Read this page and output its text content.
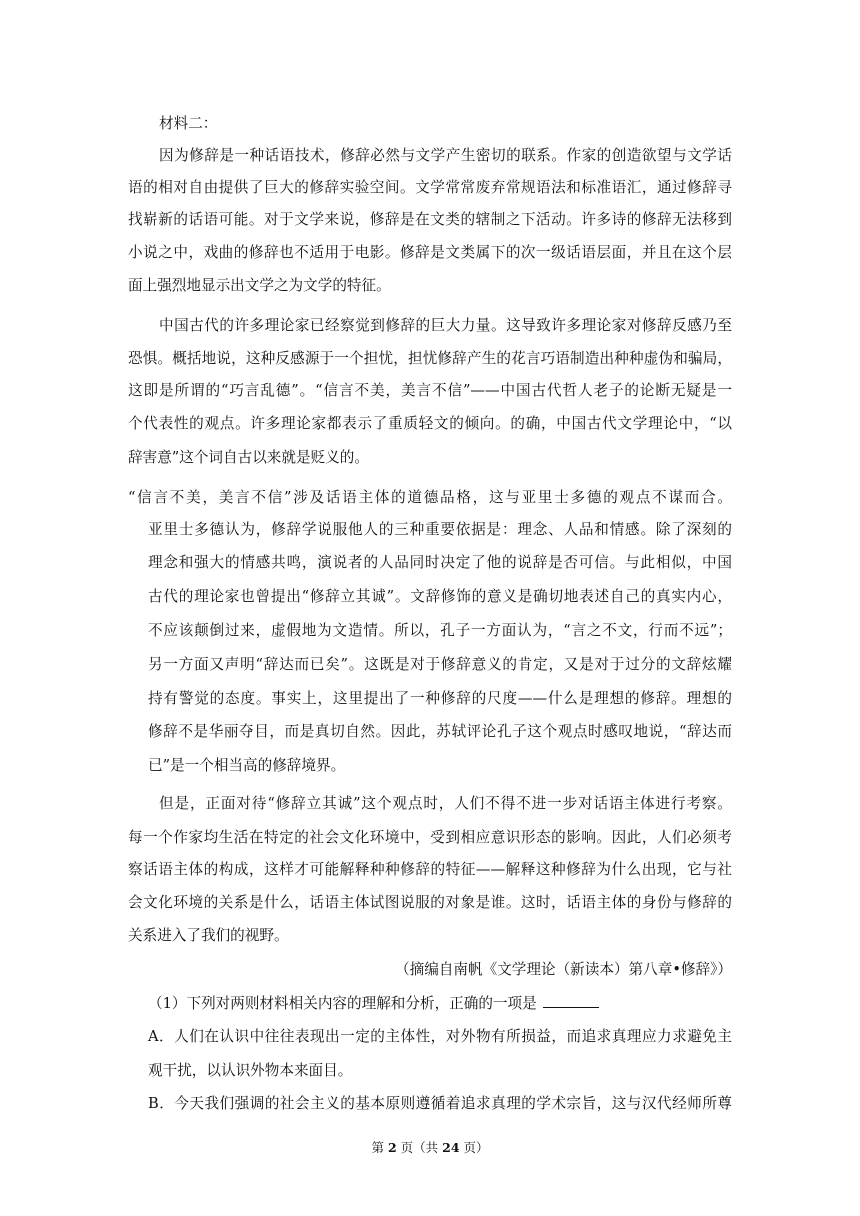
材料二：
因为修辞是一种话语技术，修辞必然与文学产生密切的联系。作家的创造欲望与文学话
语的相对自由提供了巨大的修辞实验空间。文学常常废弃常规语法和标准语汇，通过修辞寻
找崭新的话语可能。对于文学来说，修辞是在文类的辖制之下活动。许多诗的修辞无法移到
小说之中，戏曲的修辞也不适用于电影。修辞是文类属下的次一级话语层面，并且在这个层
面上强烈地显示出文学之为文学的特征。
中国古代的许多理论家已经察觉到修辞的巨大力量。这导致许多理论家对修辞反感乃至
恐惧。概括地说，这种反感源于一个担忧，担忧修辞产生的花言巧语制造出种种虚伪和骗局，
这即是所谓的“巧言乱德”。“信言不美，美言不信”——中国古代哲人老子的论断无疑是一
个代表性的观点。许多理论家都表示了重质轻文的倾向。的确，中国古代文学理论中，“以
辞害意”这个词自古以来就是贬义的。
“信言不美，美言不信”涉及话语主体的道德品格，这与亚里士多德的观点不谋而合。
亚里士多德认为，修辞学说服他人的三种重要依据是：理念、人品和情感。除了深刻的
理念和强大的情感共鸣，演说者的人品同时决定了他的说辞是否可信。与此相似，中国
古代的理论家也曾提出“修辞立其诚”。文辞修饰的意义是确切地表述自己的真实内心，
不应该颠倒过来，虚假地为文造情。所以，孔子一方面认为，“言之不文，行而不远”；
另一方面又声明“辞达而已矣”。这既是对于修辞意义的肯定，又是对于过分的文辞炫耀
持有警觉的态度。事实上，这里提出了一种修辞的尺度——什么是理想的修辞。理想的
修辞不是华丽夺目，而是真切自然。因此，苏轼评论孔子这个观点时感叹地说，“辞达而
已”是一个相当高的修辞境界。
但是，正面对待“修辞立其诚”这个观点时，人们不得不进一步对话语主体进行考察。
每一个作家均生活在特定的社会文化环境中，受到相应意识形态的影响。因此，人们必须考
察话语主体的构成，这样才可能解释种种修辞的特征——解释这种修辞为什么出现，它与社
会文化环境的关系是什么，话语主体试图说服的对象是谁。这时，话语主体的身份与修辞的
关系进入了我们的视野。
（摘编自南帆《文学理论（新读本）第八章•修辞》）
（1）下列对两则材料相关内容的理解和分析，正确的一项是
A．人们在认识中往往表现出一定的主体性，对外物有所损益，而追求真理应力求避免主
观干扰，以认识外物本来面目。
B．今天我们强调的社会主义的基本原则遵循着追求真理的学术宗旨，这与汉代经师所尊
第 2 页（共 24 页）
